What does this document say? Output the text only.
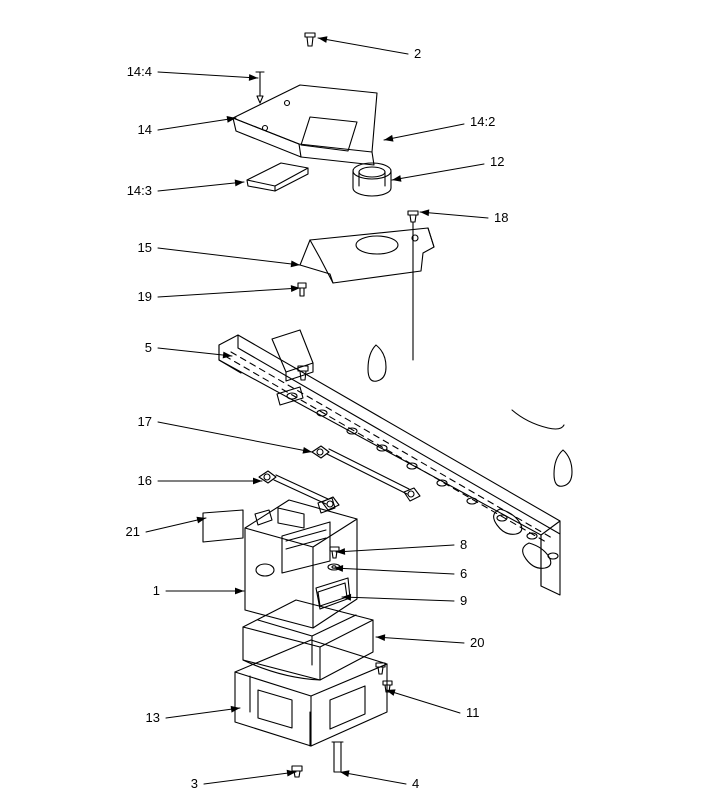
2
14:4
14
14:2
12
14:3
18
15
19
5
17
16
21
8
6
9
1
20
13	11
3	4
